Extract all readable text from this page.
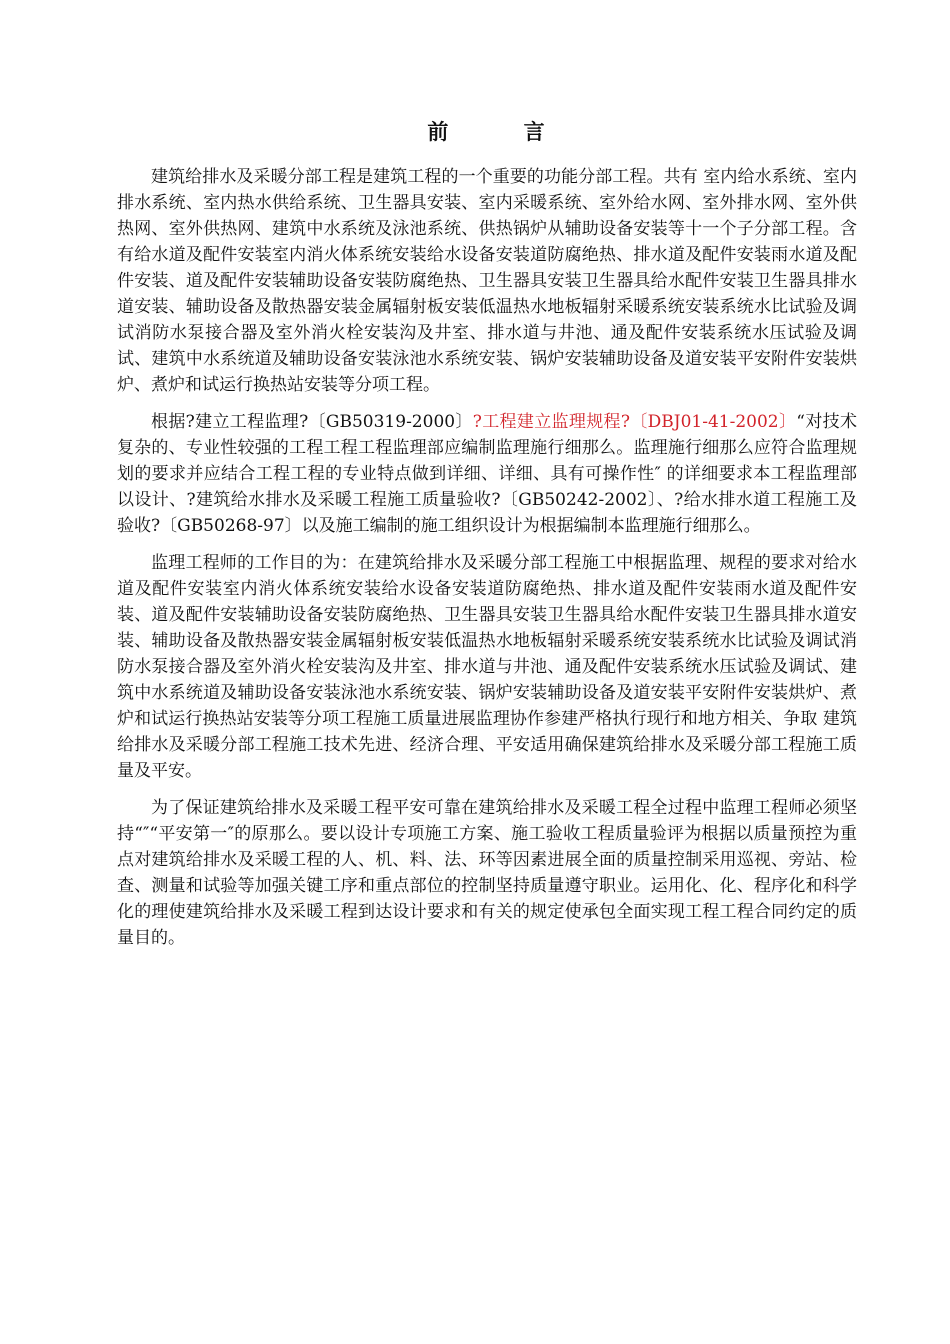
前 言

建筑给排水及采暖分部工程是建筑工程的一个重要的功能分部工程。共有 室内给水系统、室内排水系统、室内热水供给系统、卫生器具安装、室内采暖系统、室外给水网、室外排水网、室外供热网、室外供热网、建筑中水系统及泳池系统、供热锅炉从辅助设备安装等十一个子分部工程。含有给水道及配件安装室内消火体系统安装给水设备安装道防腐绝热、排水道及配件安装雨水道及配件安装、道及配件安装辅助设备安装防腐绝热、卫生器具安装卫生器具给水配件安装卫生器具排水道安装、辅助设备及散热器安装金属辐射板安装低温热水地板辐射采暖系统安装系统水比试验及调试消防水泵接合器及室外消火栓安装沟及井室、排水道与井池、通及配件安装系统水压试验及调试、建筑中水系统道及辅助设备安装泳池水系统安装、锅炉安装辅助设备及道安装平安附件安装烘炉、煮炉和试运行换热站安装等分项工程。

根据?建立工程监理?〔GB50319-2000〕?工程建立监理规程?〔DBJ01-41-2002〕“对技术复杂的、专业性较强的工程工程工程监理部应编制监理施行细那么。监理施行细那么应符合监理规划的要求并应结合工程工程的专业特点做到详细、详细、具有可操作性″ 的详细要求本工程监理部以设计、?建筑给水排水及采暖工程施工质量验收?〔GB50242-2002〕、?给水排水道工程施工及验收?〔GB50268-97〕以及施工编制的施工组织设计为根据编制本监理施行细那么。

监理工程师的工作目的为：在建筑给排水及采暖分部工程施工中根据监理、规程的要求对给水道及配件安装室内消火体系统安装给水设备安装道防腐绝热、排水道及配件安装雨水道及配件安装、道及配件安装辅助设备安装防腐绝热、卫生器具安装卫生器具给水配件安装卫生器具排水道安装、辅助设备及散热器安装金属辐射板安装低温热水地板辐射采暖系统安装系统水比试验及调试消防水泵接合器及室外消火栓安装沟及井室、排水道与井池、通及配件安装系统水压试验及调试、建筑中水系统道及辅助设备安装泳池水系统安装、锅炉安装辅助设备及道安装平安附件安装烘炉、煮炉和试运行换热站安装等分项工程施工质量进展监理协作参建严格执行现行和地方相关、争取 建筑给排水及采暖分部工程施工技术先进、经济合理、平安适用确保建筑给排水及采暖分部工程施工质量及平安。

为了保证建筑给排水及采暖工程平安可靠在建筑给排水及采暖工程全过程中监理工程师必须坚持“″“平安第一″的原那么。要以设计专项施工方案、施工验收工程质量验评为根据以质量预控为重点对建筑给排水及采暖工程的人、机、料、法、环等因素进展全面的质量控制采用巡视、旁站、检查、测量和试验等加强关键工序和重点部位的控制坚持质量遵守职业。运用化、化、程序化和科学化的理使建筑给排水及采暖工程到达设计要求和有关的规定使承包全面实现工程工程合同约定的质量目的。
